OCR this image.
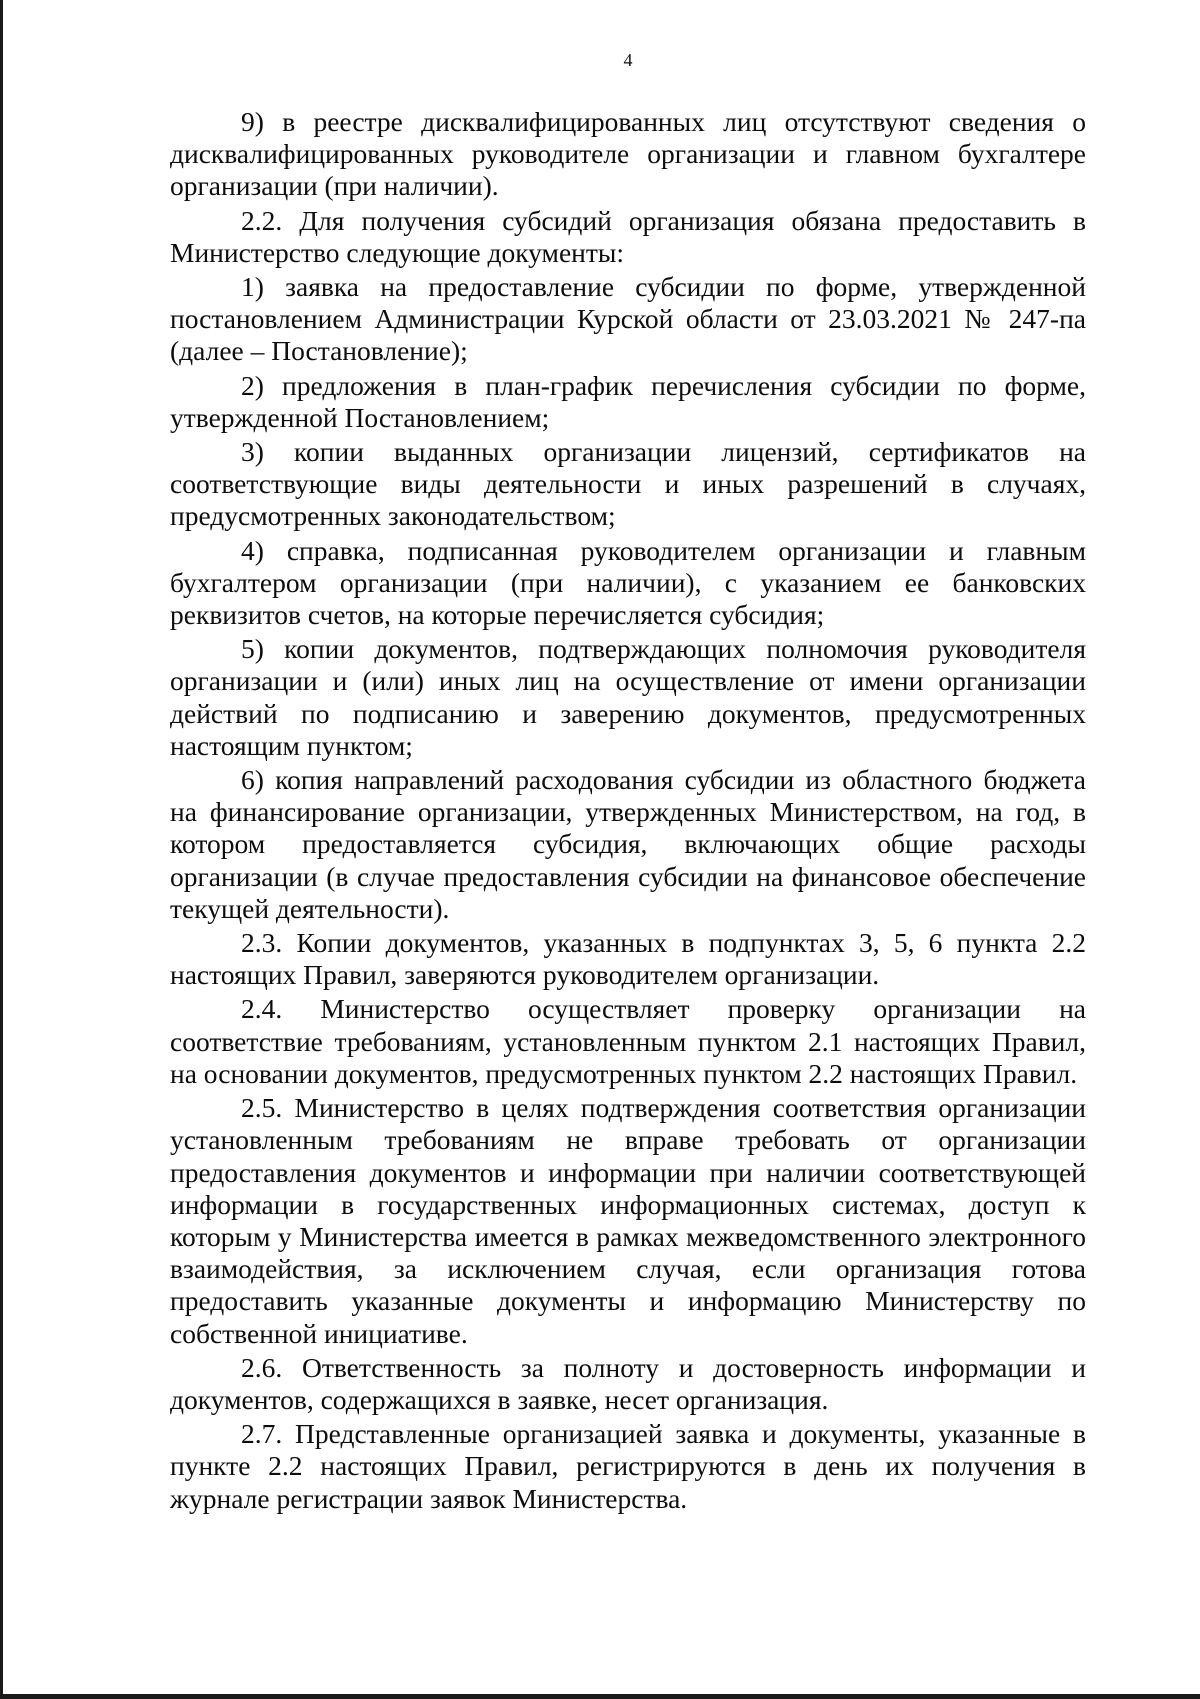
4

9) в реестре дисквалифицированных лиц отсутствуют сведения о дисквалифицированных руководителе организации и главном бухгалтере организации (при наличии).

2.2. Для получения субсидий организация обязана предоставить в Министерство следующие документы:

1) заявка на предоставление субсидии по форме, утвержденной постановлением Администрации Курской области от 23.03.2021 № 247-па (далее – Постановление);

2) предложения в план-график перечисления субсидии по форме, утвержденной Постановлением;

3) копии выданных организации лицензий, сертификатов на соответствующие виды деятельности и иных разрешений в случаях, предусмотренных законодательством;

4) справка, подписанная руководителем организации и главным бухгалтером организации (при наличии), с указанием ее банковских реквизитов счетов, на которые перечисляется субсидия;

5) копии документов, подтверждающих полномочия руководителя организации и (или) иных лиц на осуществление от имени организации действий по подписанию и заверению документов, предусмотренных настоящим пунктом;

6) копия направлений расходования субсидии из областного бюджета на финансирование организации, утвержденных Министерством, на год, в котором предоставляется субсидия, включающих общие расходы организации (в случае предоставления субсидии на финансовое обеспечение текущей деятельности).

2.3. Копии документов, указанных в подпунктах 3, 5, 6 пункта 2.2 настоящих Правил, заверяются руководителем организации.

2.4. Министерство осуществляет проверку организации на соответствие требованиям, установленным пунктом 2.1 настоящих Правил, на основании документов, предусмотренных пунктом 2.2 настоящих Правил.

2.5. Министерство в целях подтверждения соответствия организации установленным требованиям не вправе требовать от организации предоставления документов и информации при наличии соответствующей информации в государственных информационных системах, доступ к которым у Министерства имеется в рамках межведомственного электронного взаимодействия, за исключением случая, если организация готова предоставить указанные документы и информацию Министерству по собственной инициативе.

2.6. Ответственность за полноту и достоверность информации и документов, содержащихся в заявке, несет организация.

2.7. Представленные организацией заявка и документы, указанные в пункте 2.2 настоящих Правил, регистрируются в день их получения в журнале регистрации заявок Министерства.
